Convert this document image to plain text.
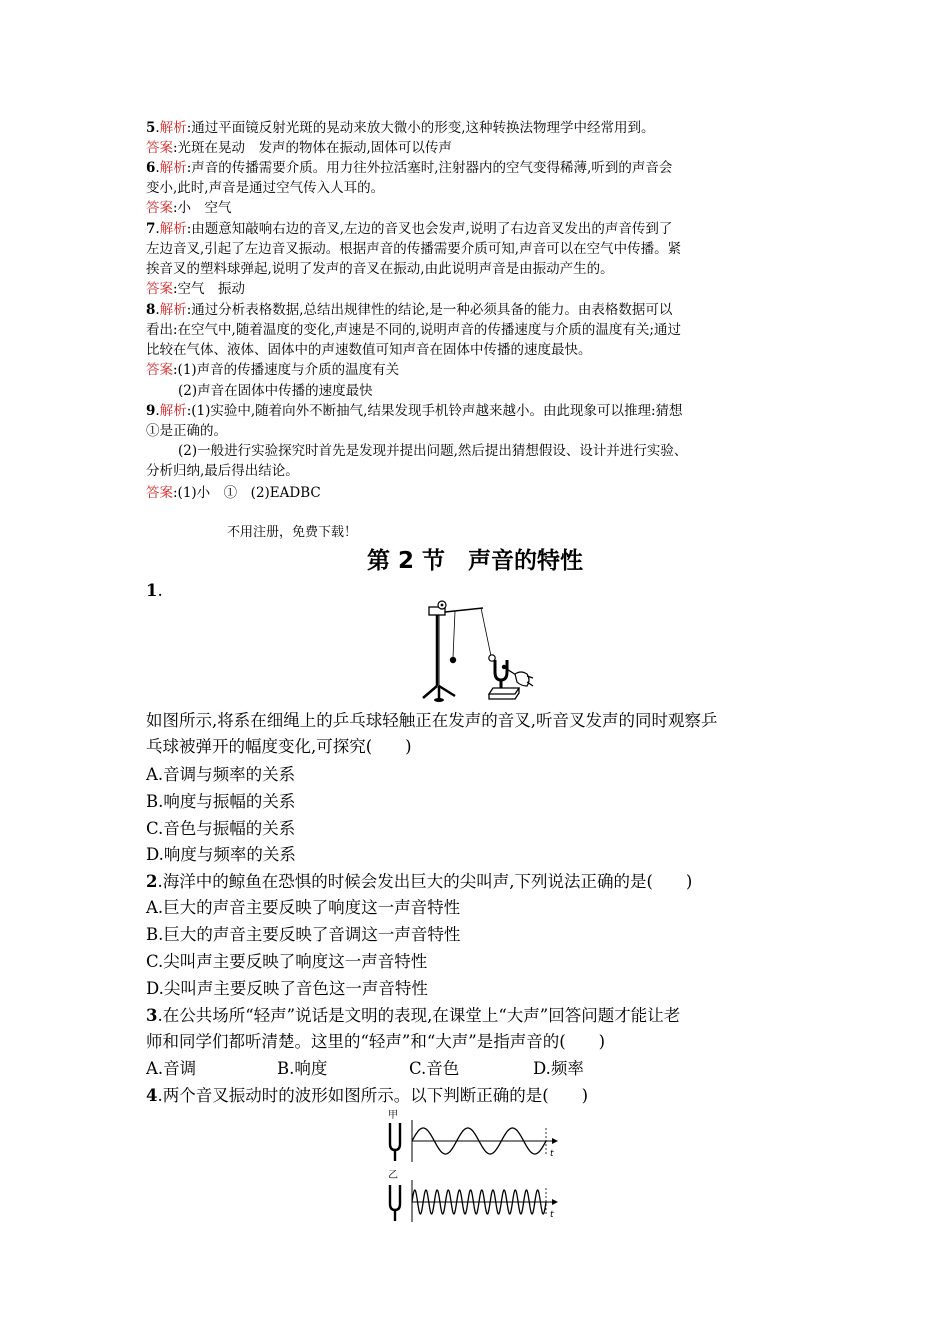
5.解析:通过平面镜反射光斑的晃动来放大微小的形变,这种转换法物理学中经常用到。
答案:光斑在晃动　发声的物体在振动,固体可以传声
6.解析:声音的传播需要介质。用力往外拉活塞时,注射器内的空气变得稀薄,听到的声音会
变小,此时,声音是通过空气传入人耳的。
答案:小　空气
7.解析:由题意知敲响右边的音叉,左边的音叉也会发声,说明了右边音叉发出的声音传到了
左边音叉,引起了左边音叉振动。根据声音的传播需要介质可知,声音可以在空气中传播。紧
挨音叉的塑料球弹起,说明了发声的音叉在振动,由此说明声音是由振动产生的。
答案:空气　振动
8.解析:通过分析表格数据,总结出规律性的结论,是一种必须具备的能力。由表格数据可以
看出:在空气中,随着温度的变化,声速是不同的,说明声音的传播速度与介质的温度有关;通过
比较在气体、液体、固体中的声速数值可知声音在固体中传播的速度最快。
答案:(1)声音的传播速度与介质的温度有关
(2)声音在固体中传播的速度最快
9.解析:(1)实验中,随着向外不断抽气,结果发现手机铃声越来越小。由此现象可以推理:猜想
①是正确的。
(2)一般进行实验探究时首先是发现并提出问题,然后提出猜想假设、设计并进行实验、
分析归纳,最后得出结论。
答案:(1)小　①　(2)EADBC
不用注册，免费下载！
第 2 节　声音的特性
1.
如图所示,将系在细绳上的乒乓球轻触正在发声的音叉,听音叉发声的同时观察乒
乓球被弹开的幅度变化,可探究(　　)
A.音调与频率的关系
B.响度与振幅的关系
C.音色与振幅的关系
D.响度与频率的关系
2.海洋中的鲸鱼在恐惧的时候会发出巨大的尖叫声,下列说法正确的是(　　)
A.巨大的声音主要反映了响度这一声音特性
B.巨大的声音主要反映了音调这一声音特性
C.尖叫声主要反映了响度这一声音特性
D.尖叫声主要反映了音色这一声音特性
3.在公共场所“轻声”说话是文明的表现,在课堂上“大声”回答问题才能让老
师和同学们都听清楚。这里的“轻声”和“大声”是指声音的(　　)
A.音调	B.响度	C.音色	D.频率
4.两个音叉振动时的波形如图所示。以下判断正确的是(　　)
甲
t
乙
t
